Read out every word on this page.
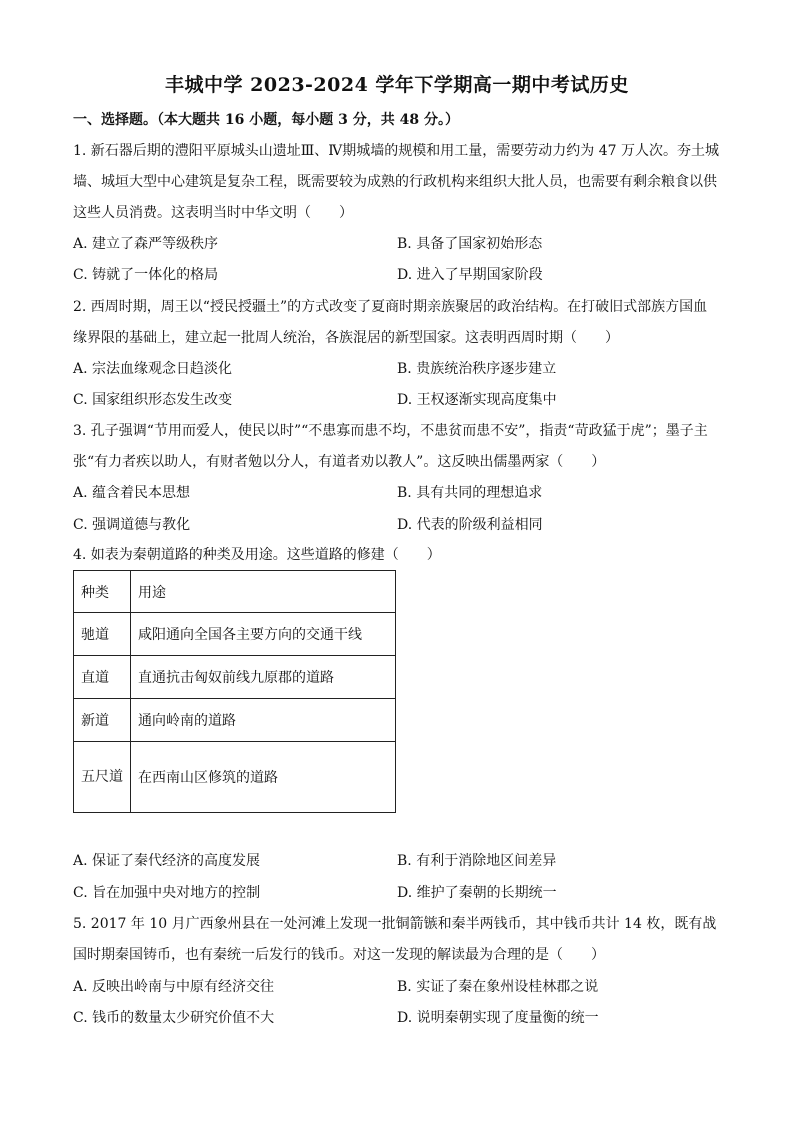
丰城中学 2023-2024 学年下学期高一期中考试历史
一、选择题。（本大题共 16 小题，每小题 3 分，共 48 分。）
1. 新石器后期的澧阳平原城头山遗址Ⅲ、Ⅳ期城墙的规模和用工量，需要劳动力约为 47 万人次。夯土城墙、城垣大型中心建筑是复杂工程，既需要较为成熟的行政机构来组织大批人员，也需要有剩余粮食以供这些人员消费。这表明当时中华文明（　　）
A. 建立了森严等级秩序	B. 具备了国家初始形态
C. 铸就了一体化的格局	D. 进入了早期国家阶段
2. 西周时期，周王以“授民授疆土”的方式改变了夏商时期亲族聚居的政治结构。在打破旧式部族方国血缘界限的基础上，建立起一批周人统治，各族混居的新型国家。这表明西周时期（　　）
A. 宗法血缘观念日趋淡化	B. 贵族统治秩序逐步建立
C. 国家组织形态发生改变	D. 王权逐渐实现高度集中
3. 孔子强调“节用而爱人，使民以时”“不患寡而患不均，不患贫而患不安”，指责“苛政猛于虎”；墨子主张“有力者疾以助人，有财者勉以分人，有道者劝以教人”。这反映出儒墨两家（　　）
A. 蕴含着民本思想	B. 具有共同的理想追求
C. 强调道德与教化	D. 代表的阶级利益相同
4. 如表为秦朝道路的种类及用途。这些道路的修建（　　）
种类	用途
驰道	咸阳通向全国各主要方向的交通干线
直道	直通抗击匈奴前线九原郡的道路
新道	通向岭南的道路
五尺道	在西南山区修筑的道路
A. 保证了秦代经济的高度发展	B. 有利于消除地区间差异
C. 旨在加强中央对地方的控制	D. 维护了秦朝的长期统一
5. 2017 年 10 月广西象州县在一处河滩上发现一批铜箭镞和秦半两钱币，其中钱币共计 14 枚，既有战国时期秦国铸币，也有秦统一后发行的钱币。对这一发现的解读最为合理的是（　　）
A. 反映出岭南与中原有经济交往	B. 实证了秦在象州设桂林郡之说
C. 钱币的数量太少研究价值不大	D. 说明秦朝实现了度量衡的统一
